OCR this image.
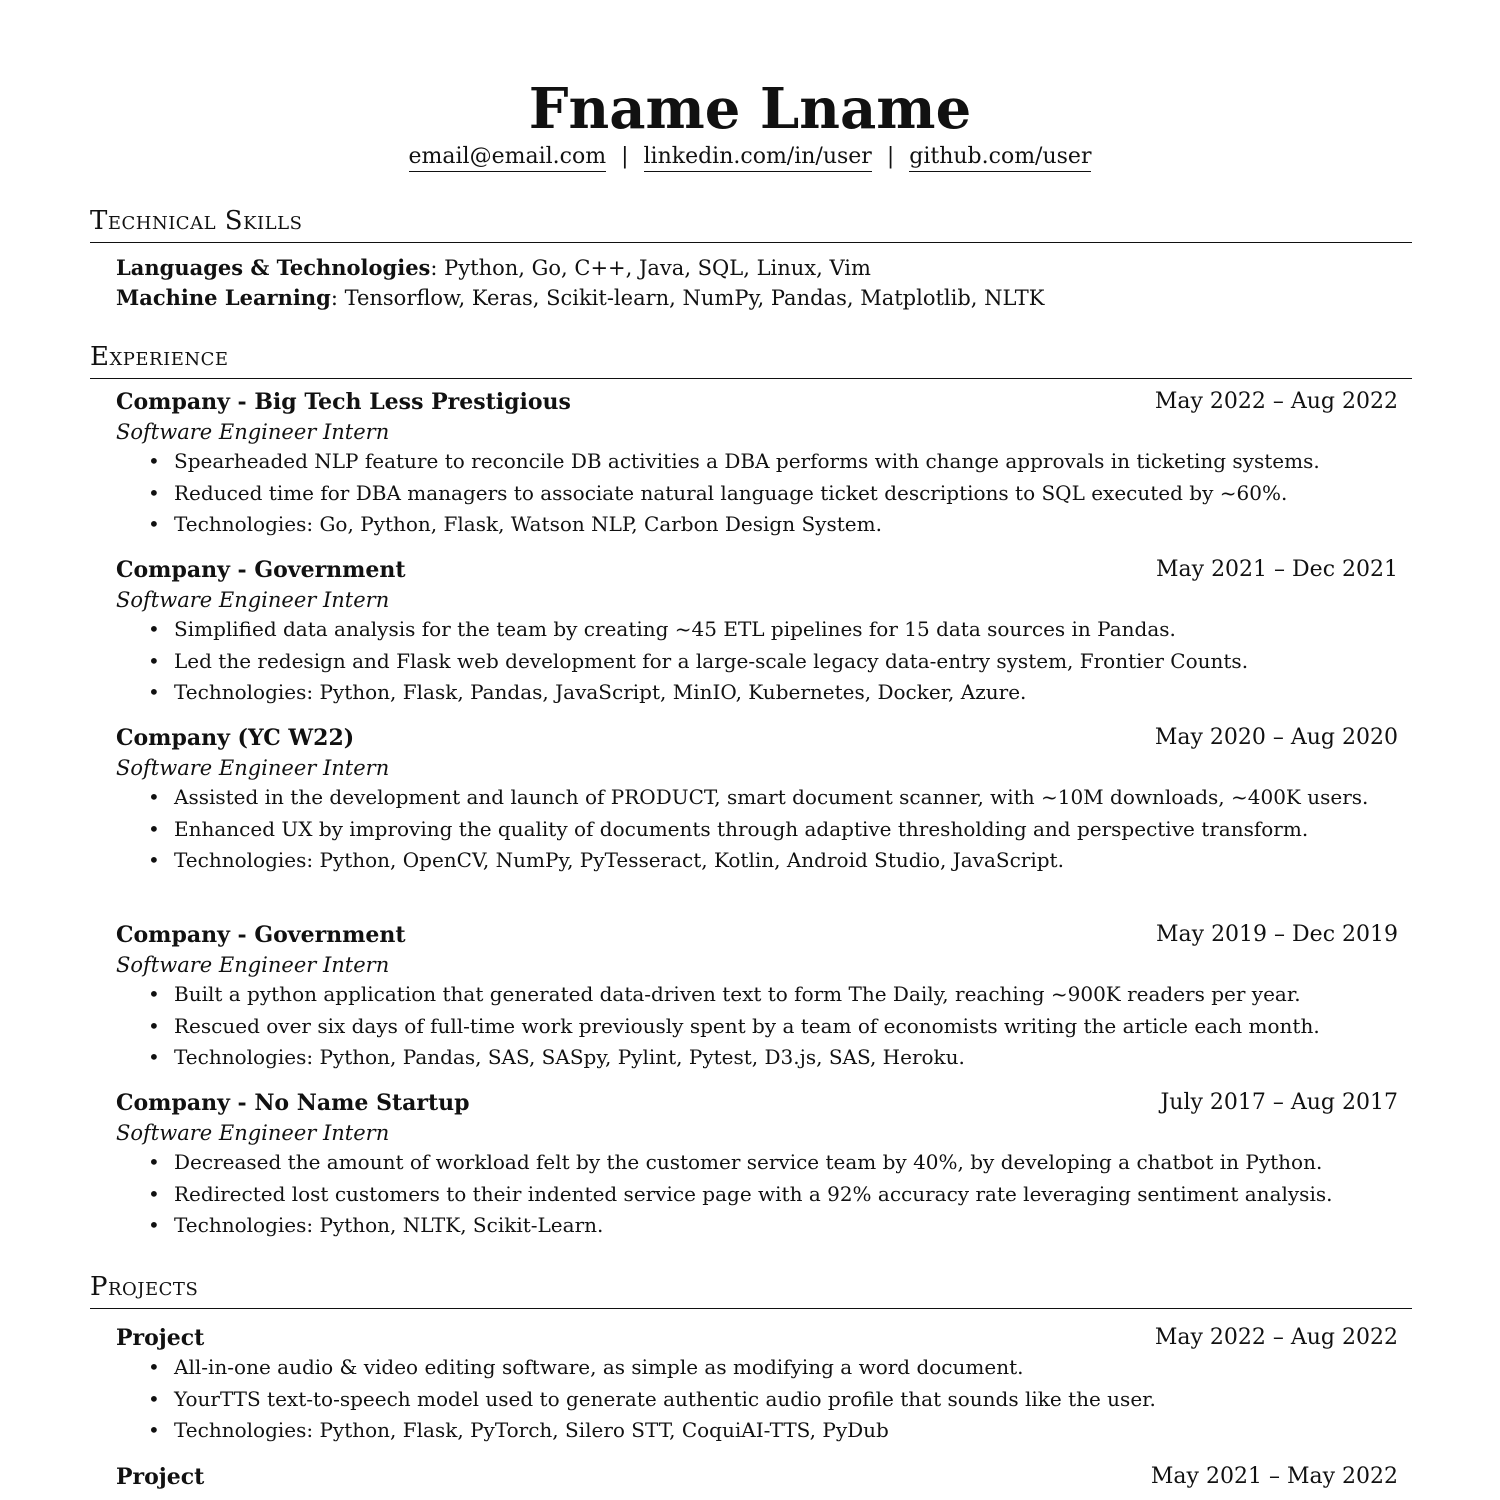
Fname Lname
email@email.com | linkedin.com/in/user | github.com/user
Technical Skills
Languages & Technologies: Python, Go, C++, Java, SQL, Linux, Vim
Machine Learning: Tensorflow, Keras, Scikit-learn, NumPy, Pandas, Matplotlib, NLTK
Experience
Company - Big Tech Less Prestigious	May 2022 – Aug 2022
Software Engineer Intern
• Spearheaded NLP feature to reconcile DB activities a DBA performs with change approvals in ticketing systems.
• Reduced time for DBA managers to associate natural language ticket descriptions to SQL executed by ~60%.
• Technologies: Go, Python, Flask, Watson NLP, Carbon Design System.
Company - Government	May 2021 – Dec 2021
Software Engineer Intern
• Simplified data analysis for the team by creating ~45 ETL pipelines for 15 data sources in Pandas.
• Led the redesign and Flask web development for a large-scale legacy data-entry system, Frontier Counts.
• Technologies: Python, Flask, Pandas, JavaScript, MinIO, Kubernetes, Docker, Azure.
Company (YC W22)	May 2020 – Aug 2020
Software Engineer Intern
• Assisted in the development and launch of PRODUCT, smart document scanner, with ~10M downloads, ~400K users.
• Enhanced UX by improving the quality of documents through adaptive thresholding and perspective transform.
• Technologies: Python, OpenCV, NumPy, PyTesseract, Kotlin, Android Studio, JavaScript.
Company - Government	May 2019 – Dec 2019
Software Engineer Intern
• Built a python application that generated data-driven text to form The Daily, reaching ~900K readers per year.
• Rescued over six days of full-time work previously spent by a team of economists writing the article each month.
• Technologies: Python, Pandas, SAS, SASpy, Pylint, Pytest, D3.js, SAS, Heroku.
Company - No Name Startup	July 2017 – Aug 2017
Software Engineer Intern
• Decreased the amount of workload felt by the customer service team by 40%, by developing a chatbot in Python.
• Redirected lost customers to their indented service page with a 92% accuracy rate leveraging sentiment analysis.
• Technologies: Python, NLTK, Scikit-Learn.
Projects
Project	May 2022 – Aug 2022
• All-in-one audio & video editing software, as simple as modifying a word document.
• YourTTS text-to-speech model used to generate authentic audio profile that sounds like the user.
• Technologies: Python, Flask, PyTorch, Silero STT, CoquiAI-TTS, PyDub
Project	May 2021 – May 2022
